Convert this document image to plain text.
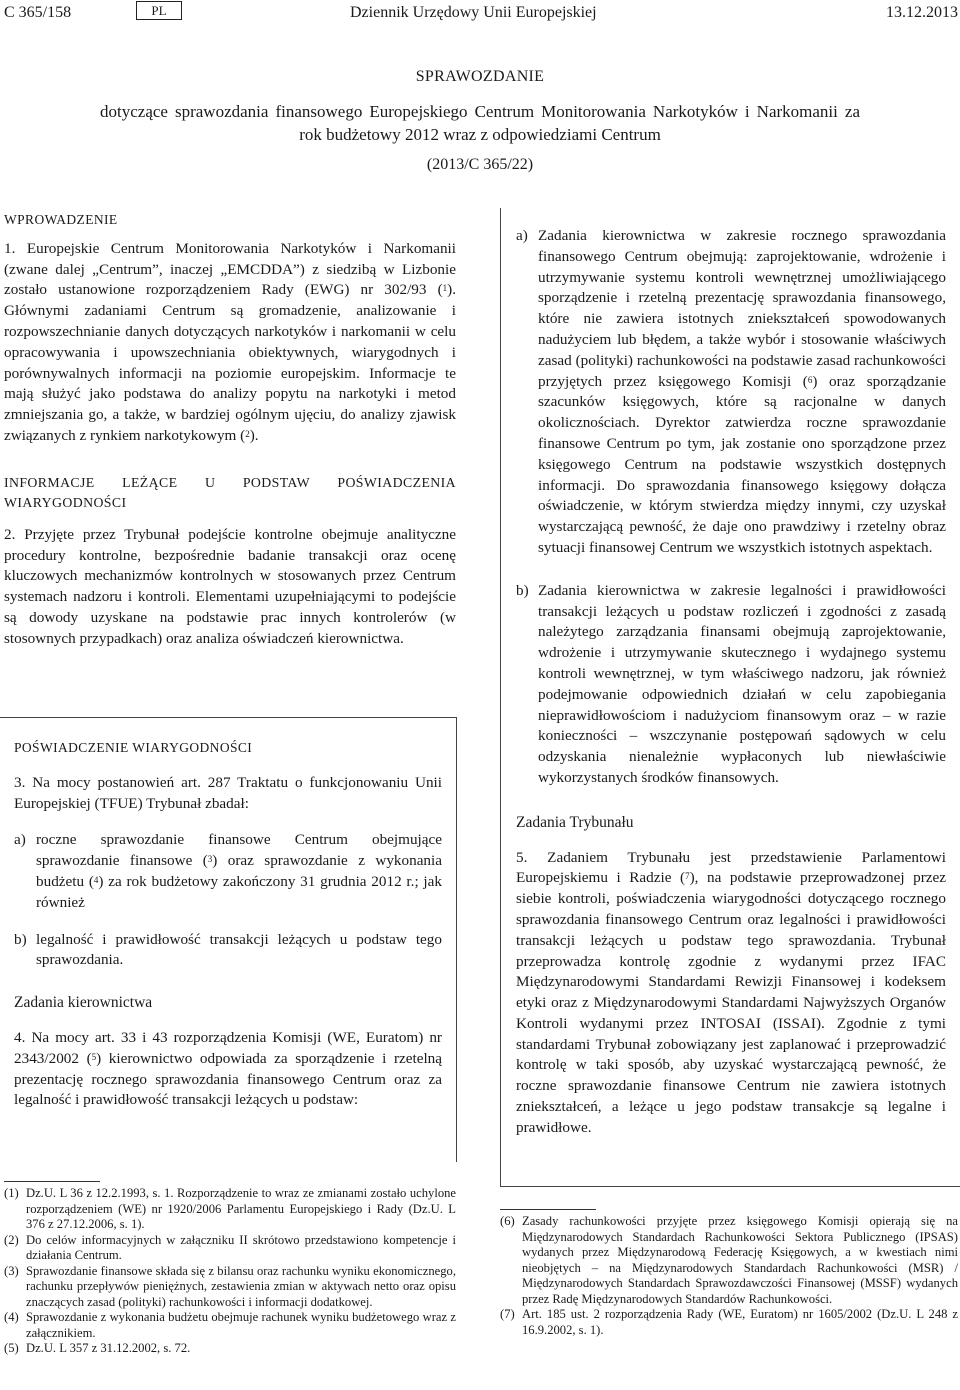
C 365/158	PL	Dziennik Urzędowy Unii Europejskiej	13.12.2013
SPRAWOZDANIE
dotyczące sprawozdania finansowego Europejskiego Centrum Monitorowania Narkotyków i Narkomanii za rok budżetowy 2012 wraz z odpowiedziami Centrum
(2013/C 365/22)

WPROWADZENIE

1. Europejskie Centrum Monitorowania Narkotyków i Narkomanii (zwane dalej „Centrum”, inaczej „EMCDDA”) z siedzibą w Lizbonie zostało ustanowione rozporządzeniem Rady (EWG) nr 302/93 ($^1$). Głównymi zadaniami Centrum są gromadzenie, analizowanie i rozpowszechnianie danych dotyczących narkotyków i narkomanii w celu opracowywania i upowszechniania obiektywnych, wiarygodnych i porównywalnych informacji na poziomie europejskim. Informacje te mają służyć jako podstawa do analizy popytu na narkotyki i metod zmniejszania go, a także, w bardziej ogólnym ujęciu, do analizy zjawisk związanych z rynkiem narkotykowym ($^2$).

INFORMACJE LEŻĄCE U PODSTAW POŚWIADCZENIA WIARYGODNOŚCI

2. Przyjęte przez Trybunał podejście kontrolne obejmuje analityczne procedury kontrolne, bezpośrednie badanie transakcji oraz ocenę kluczowych mechanizmów kontrolnych w stosowanych przez Centrum systemach nadzoru i kontroli. Elementami uzupełniającymi to podejście są dowody uzyskane na podstawie prac innych kontrolerów (w stosownych przypadkach) oraz analiza oświadczeń kierownictwa.

POŚWIADCZENIE WIARYGODNOŚCI

3. Na mocy postanowień art. 287 Traktatu o funkcjonowaniu Unii Europejskiej (TFUE) Trybunał zbadał:

a) roczne sprawozdanie finansowe Centrum obejmujące sprawozdanie finansowe ($^3$) oraz sprawozdanie z wykonania budżetu ($^4$) za rok budżetowy zakończony 31 grudnia 2012 r.; jak również
b) legalność i prawidłowość transakcji leżących u podstaw tego sprawozdania.

Zadania kierownictwa

4. Na mocy art. 33 i 43 rozporządzenia Komisji (WE, Euratom) nr 2343/2002 ($^5$) kierownictwo odpowiada za sporządzenie i rzetelną prezentację rocznego sprawozdania finansowego Centrum oraz za legalność i prawidłowość transakcji leżących u podstaw:

a) Zadania kierownictwa w zakresie rocznego sprawozdania finansowego Centrum obejmują: zaprojektowanie, wdrożenie i utrzymywanie systemu kontroli wewnętrznej umożliwiającego sporządzenie i rzetelną prezentację sprawozdania finansowego, które nie zawiera istotnych zniekształceń spowodowanych nadużyciem lub błędem, a także wybór i stosowanie właściwych zasad (polityki) rachunkowości na podstawie zasad rachunkowości przyjętych przez księgowego Komisji ($^6$) oraz sporządzanie szacunków księgowych, które są racjonalne w danych okolicznościach. Dyrektor zatwierdza roczne sprawozdanie finansowe Centrum po tym, jak zostanie ono sporządzone przez księgowego Centrum na podstawie wszystkich dostępnych informacji. Do sprawozdania finansowego księgowy dołącza oświadczenie, w którym stwierdza między innymi, czy uzyskał wystarczającą pewność, że daje ono prawdziwy i rzetelny obraz sytuacji finansowej Centrum we wszystkich istotnych aspektach.
b) Zadania kierownictwa w zakresie legalności i prawidłowości transakcji leżących u podstaw rozliczeń i zgodności z zasadą należytego zarządzania finansami obejmują zaprojektowanie, wdrożenie i utrzymywanie skutecznego i wydajnego systemu kontroli wewnętrznej, w tym właściwego nadzoru, jak również podejmowanie odpowiednich działań w celu zapobiegania nieprawidłowościom i nadużyciom finansowym oraz – w razie konieczności – wszczynanie postępowań sądowych w celu odzyskania nienależnie wypłaconych lub niewłaściwie wykorzystanych środków finansowych.

Zadania Trybunału

5. Zadaniem Trybunału jest przedstawienie Parlamentowi Europejskiemu i Radzie ($^7$), na podstawie przeprowadzonej przez siebie kontroli, poświadczenia wiarygodności dotyczącego rocznego sprawozdania finansowego Centrum oraz legalności i prawidłowości transakcji leżących u podstaw tego sprawozdania. Trybunał przeprowadza kontrolę zgodnie z wydanymi przez IFAC Międzynarodowymi Standardami Rewizji Finansowej i kodeksem etyki oraz z Międzynarodowymi Standardami Najwyższych Organów Kontroli wydanymi przez INTOSAI (ISSAI). Zgodnie z tymi standardami Trybunał zobowiązany jest zaplanować i przeprowadzić kontrolę w taki sposób, aby uzyskać wystarczającą pewność, że roczne sprawozdanie finansowe Centrum nie zawiera istotnych zniekształceń, a leżące u jego podstaw transakcje są legalne i prawidłowe.

(1) Dz.U. L 36 z 12.2.1993, s. 1. Rozporządzenie to wraz ze zmianami zostało uchylone rozporządzeniem (WE) nr 1920/2006 Parlamentu Europejskiego i Rady (Dz.U. L 376 z 27.12.2006, s. 1).
(2) Do celów informacyjnych w załączniku II skrótowo przedstawiono kompetencje i działania Centrum.
(3) Sprawozdanie finansowe składa się z bilansu oraz rachunku wyniku ekonomicznego, rachunku przepływów pieniężnych, zestawienia zmian w aktywach netto oraz opisu znaczących zasad (polityki) rachunkowości i informacji dodatkowej.
(4) Sprawozdanie z wykonania budżetu obejmuje rachunek wyniku budżetowego wraz z załącznikiem.
(5) Dz.U. L 357 z 31.12.2002, s. 72.
(6) Zasady rachunkowości przyjęte przez księgowego Komisji opierają się na Międzynarodowych Standardach Rachunkowości Sektora Publicznego (IPSAS) wydanych przez Międzynarodową Federację Księgowych, a w kwestiach nimi nieobjętych – na Międzynarodowych Standardach Rachunkowości (MSR) / Międzynarodowych Standardach Sprawozdawczości Finansowej (MSSF) wydanych przez Radę Międzynarodowych Standardów Rachunkowości.
(7) Art. 185 ust. 2 rozporządzenia Rady (WE, Euratom) nr 1605/2002 (Dz.U. L 248 z 16.9.2002, s. 1).
